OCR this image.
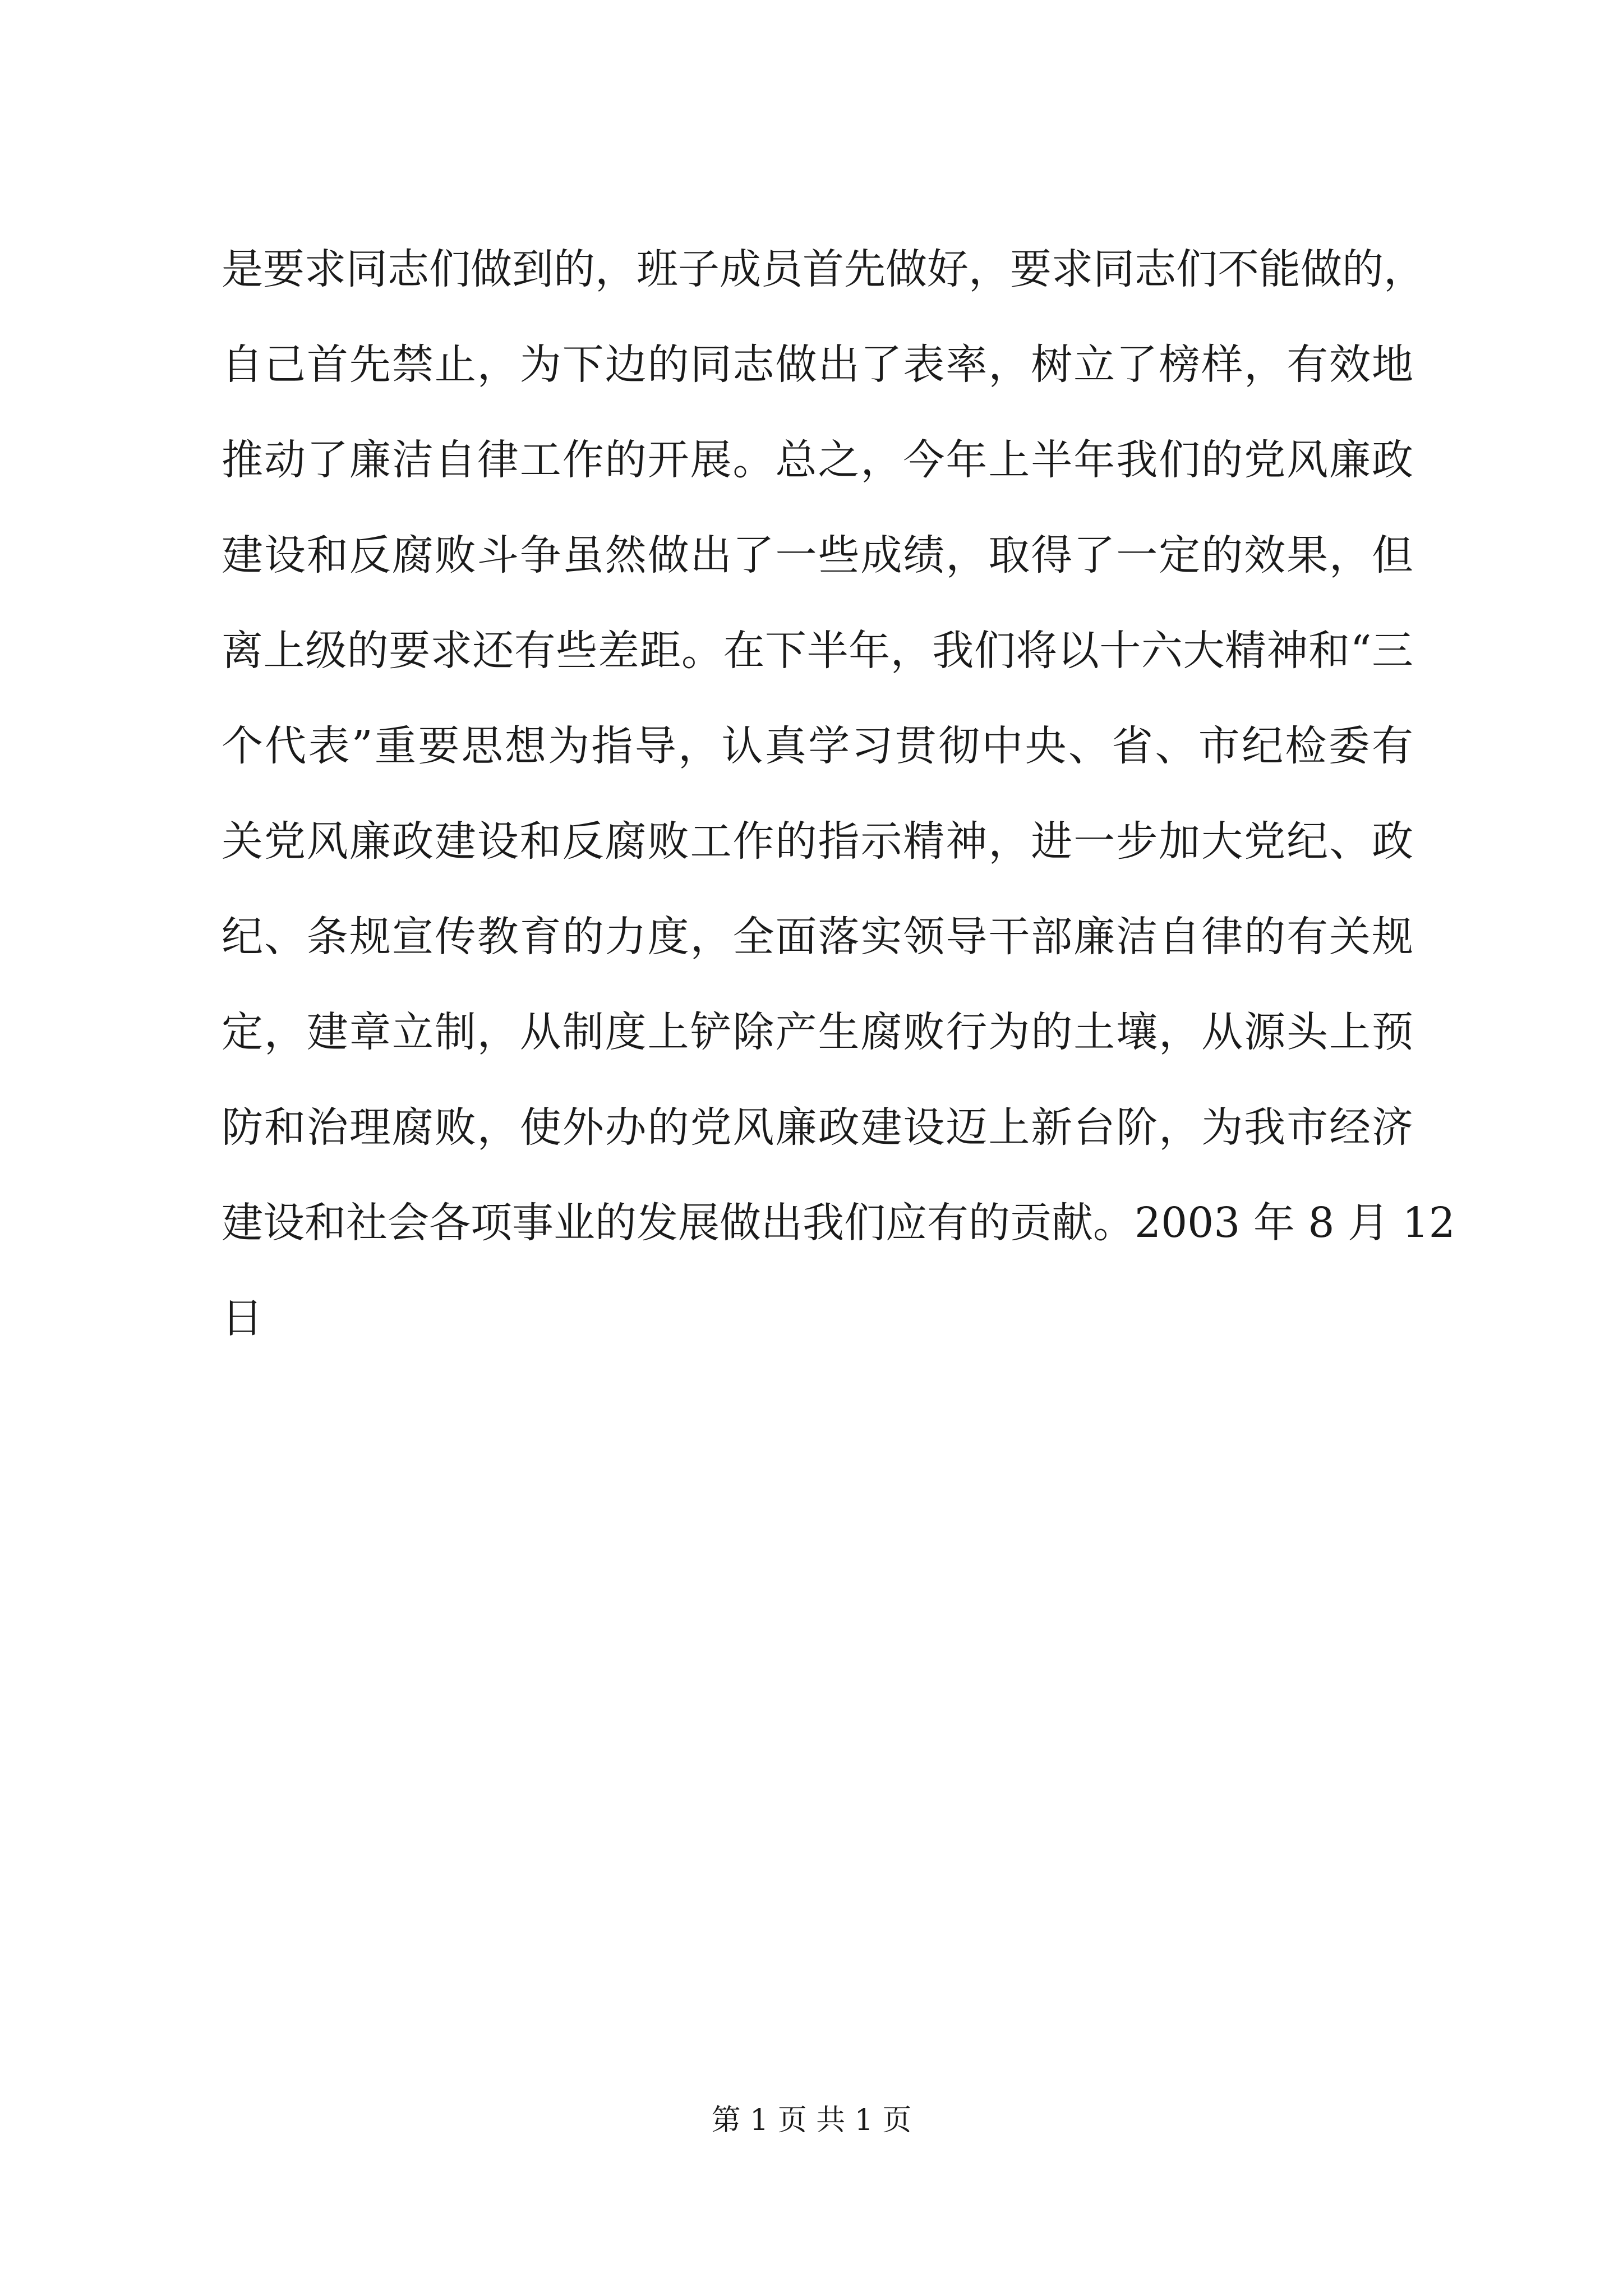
是要求同志们做到的，班子成员首先做好，要求同志们不能做的，
自己首先禁止，为下边的同志做出了表率，树立了榜样，有效地
推动了廉洁自律工作的开展。总之，今年上半年我们的党风廉政
建设和反腐败斗争虽然做出了一些成绩，取得了一定的效果，但
离上级的要求还有些差距。在下半年，我们将以十六大精神和“三
个代表”重要思想为指导，认真学习贯彻中央、省、市纪检委有
关党风廉政建设和反腐败工作的指示精神，进一步加大党纪、政
纪、条规宣传教育的力度，全面落实领导干部廉洁自律的有关规
定，建章立制，从制度上铲除产生腐败行为的土壤，从源头上预
防和治理腐败，使外办的党风廉政建设迈上新台阶，为我市经济
建设和社会各项事业的发展做出我们应有的贡献。2003 年 8 月 12
日
第 1 页 共 1 页
